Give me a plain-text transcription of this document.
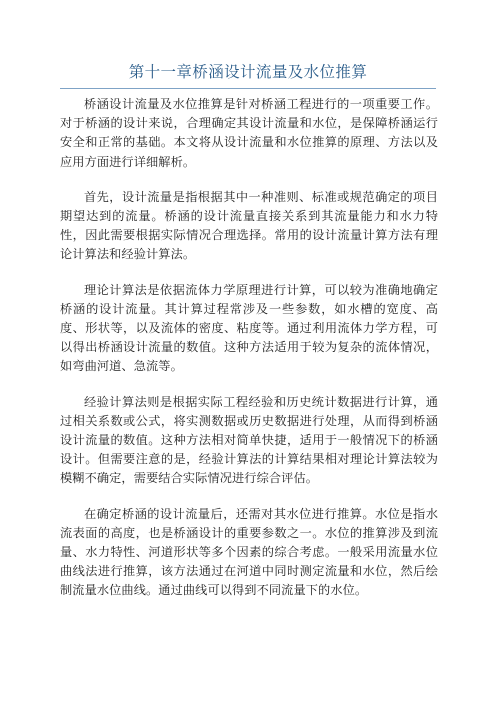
第十一章桥涵设计流量及水位推算

桥涵设计流量及水位推算是针对桥涵工程进行的一项重要工作。对于桥涵的设计来说，合理确定其设计流量和水位，是保障桥涵运行安全和正常的基础。本文将从设计流量和水位推算的原理、方法以及应用方面进行详细解析。

首先，设计流量是指根据其中一种准则、标准或规范确定的项目期望达到的流量。桥涵的设计流量直接关系到其流量能力和水力特性，因此需要根据实际情况合理选择。常用的设计流量计算方法有理论计算法和经验计算法。

理论计算法是依据流体力学原理进行计算，可以较为准确地确定桥涵的设计流量。其计算过程常涉及一些参数，如水槽的宽度、高度、形状等，以及流体的密度、粘度等。通过利用流体力学方程，可以得出桥涵设计流量的数值。这种方法适用于较为复杂的流体情况，如弯曲河道、急流等。

经验计算法则是根据实际工程经验和历史统计数据进行计算，通过相关系数或公式，将实测数据或历史数据进行处理，从而得到桥涵设计流量的数值。这种方法相对简单快捷，适用于一般情况下的桥涵设计。但需要注意的是，经验计算法的计算结果相对理论计算法较为模糊不确定，需要结合实际情况进行综合评估。

在确定桥涵的设计流量后，还需对其水位进行推算。水位是指水流表面的高度，也是桥涵设计的重要参数之一。水位的推算涉及到流量、水力特性、河道形状等多个因素的综合考虑。一般采用流量水位曲线法进行推算，该方法通过在河道中同时测定流量和水位，然后绘制流量水位曲线。通过曲线可以得到不同流量下的水位。
